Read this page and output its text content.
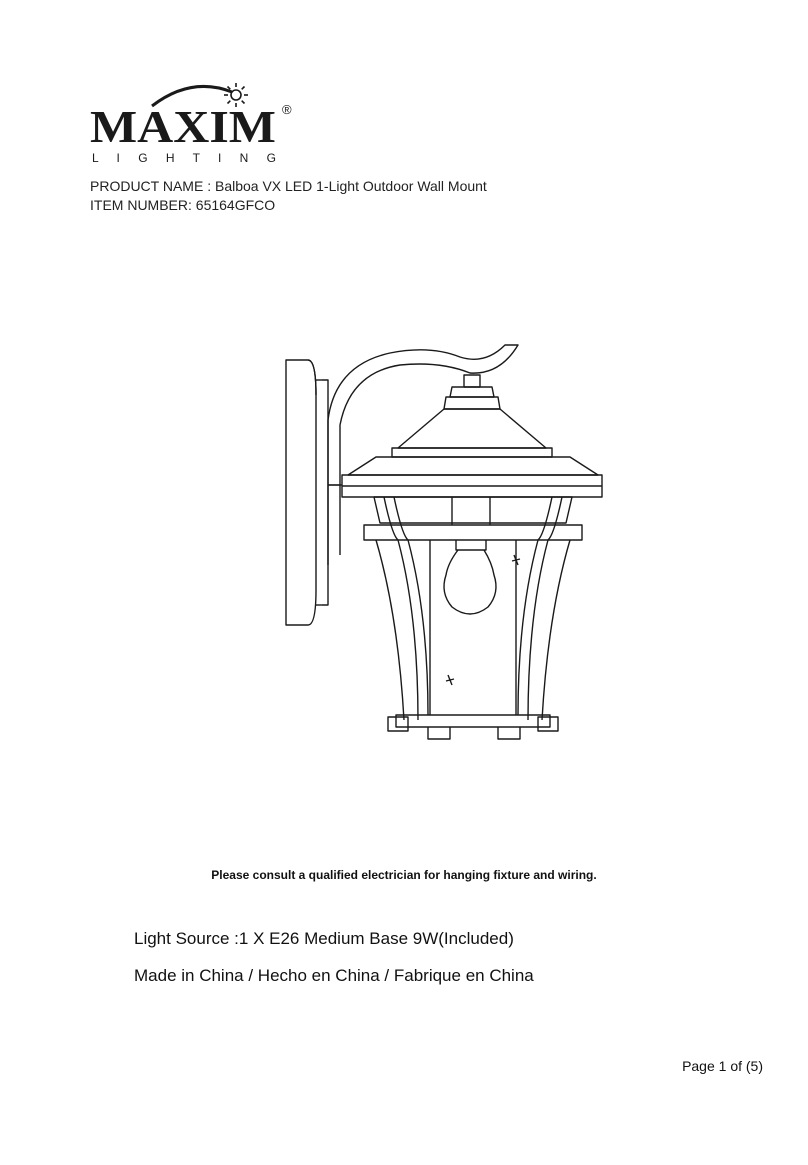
MAXIM ®
L I G H T I N G
PRODUCT NAME : Balboa VX LED 1-Light Outdoor Wall Mount
ITEM NUMBER: 65164GFCO
Please consult a qualified electrician for hanging fixture and wiring.
Light Source :1 X E26 Medium Base 9W(Included)
Made in China / Hecho en China / Fabrique en China
Page 1 of (5)
